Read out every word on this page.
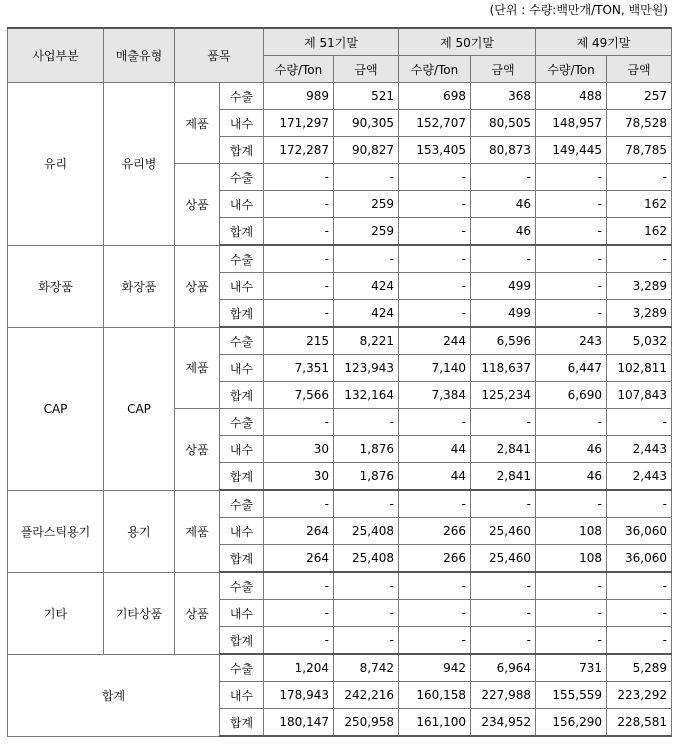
(단위 : 수량:백만개/TON, 백만원)
사업부분	매출유형	품목		제 51기말		제 50기말		제 49기말	
				수량/Ton	금액	수량/Ton	금액	수량/Ton	금액
유리	유리병	제품	수출	989	521	698	368	488	257
			내수	171,297	90,305	152,707	80,505	148,957	78,528
			합계	172,287	90,827	153,405	80,873	149,445	78,785
		상품	수출	-	-	-	-	-	-
			내수	-	259	-	46	-	162
			합계	-	259	-	46	-	162
화장품	화장품	상품	수출	-	-	-	-	-	-
			내수	-	424	-	499	-	3,289
			합계	-	424	-	499	-	3,289
CAP	CAP	제품	수출	215	8,221	244	6,596	243	5,032
			내수	7,351	123,943	7,140	118,637	6,447	102,811
			합계	7,566	132,164	7,384	125,234	6,690	107,843
		상품	수출	-	-	-	-	-	-
			내수	30	1,876	44	2,841	46	2,443
			합계	30	1,876	44	2,841	46	2,443
플라스틱용기	용기	제품	수출	-	-	-	-	-	-
			내수	264	25,408	266	25,460	108	36,060
			합계	264	25,408	266	25,460	108	36,060
기타	기타상품	상품	수출	-	-	-	-	-	-
			내수	-	-	-	-	-	-
			합계	-	-	-	-	-	-
합계			수출	1,204	8,742	942	6,964	731	5,289
			내수	178,943	242,216	160,158	227,988	155,559	223,292
			합계	180,147	250,958	161,100	234,952	156,290	228,581
